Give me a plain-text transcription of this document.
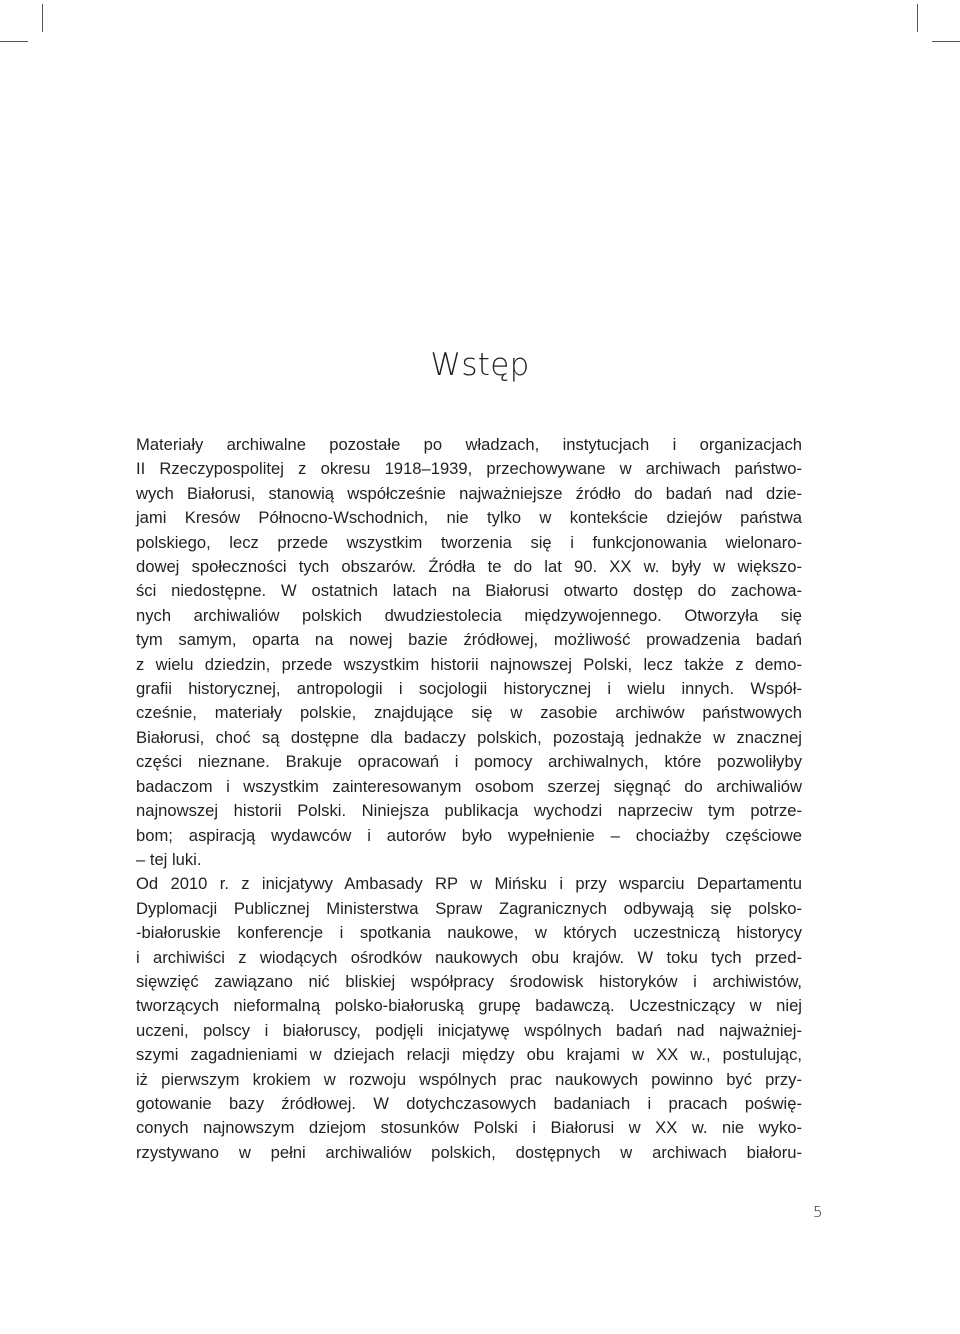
Wstęp
Materiały archiwalne pozostałe po władzach, instytucjach i organizacjach
II Rzeczypospolitej z okresu 1918–1939, przechowywane w archiwach państwo-
wych Białorusi, stanowią współcześnie najważniejsze źródło do badań nad dzie-
jami Kresów Północno-Wschodnich, nie tylko w kontekście dziejów państwa
polskiego, lecz przede wszystkim tworzenia się i funkcjonowania wielonaro-
dowej społeczności tych obszarów. Źródła te do lat 90. XX w. były w większo-
ści niedostępne. W ostatnich latach na Białorusi otwarto dostęp do zachowa-
nych archiwaliów polskich dwudziestolecia międzywojennego. Otworzyła się
tym samym, oparta na nowej bazie źródłowej, możliwość prowadzenia badań
z wielu dziedzin, przede wszystkim historii najnowszej Polski, lecz także z demo-
grafii historycznej, antropologii i socjologii historycznej i wielu innych. Współ-
cześnie, materiały polskie, znajdujące się w zasobie archiwów państwowych
Białorusi, choć są dostępne dla badaczy polskich, pozostają jednakże w znacznej
części nieznane. Brakuje opracowań i pomocy archiwalnych, które pozwoliłyby
badaczom i wszystkim zainteresowanym osobom szerzej sięgnąć do archiwaliów
najnowszej historii Polski. Niniejsza publikacja wychodzi naprzeciw tym potrze-
bom; aspiracją wydawców i autorów było wypełnienie – chociażby częściowe
– tej luki.
Od 2010 r. z inicjatywy Ambasady RP w Mińsku i przy wsparciu Departamentu
Dyplomacji Publicznej Ministerstwa Spraw Zagranicznych odbywają się polsko-
-białoruskie konferencje i spotkania naukowe, w których uczestniczą historycy
i archiwiści z wiodących ośrodków naukowych obu krajów. W toku tych przed-
sięwzięć zawiązano nić bliskiej współpracy środowisk historyków i archiwistów,
tworzących nieformalną polsko-białoruską grupę badawczą. Uczestniczący w niej
uczeni, polscy i białoruscy, podjęli inicjatywę wspólnych badań nad najważniej-
szymi zagadnieniami w dziejach relacji między obu krajami w XX w., postulując,
iż pierwszym krokiem w rozwoju wspólnych prac naukowych powinno być przy-
gotowanie bazy źródłowej. W dotychczasowych badaniach i pracach poświę-
conych najnowszym dziejom stosunków Polski i Białorusi w XX w. nie wyko-
rzystywano w pełni archiwaliów polskich, dostępnych w archiwach białoru-
5
